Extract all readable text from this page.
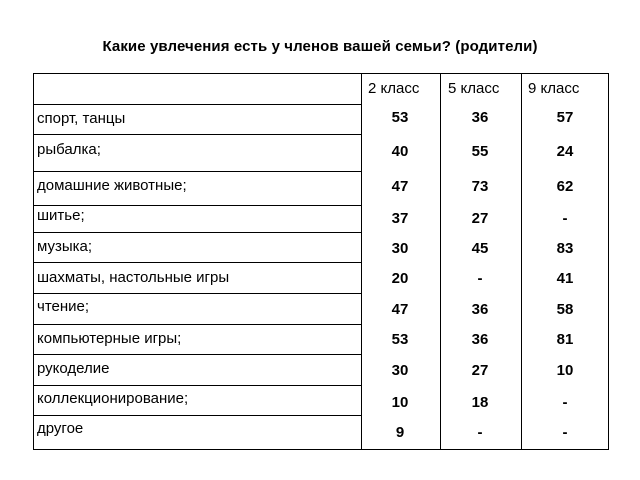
Какие увлечения есть у членов вашей семьи? (родители)
2 класс 5 класс 9 класс
спорт, танцы
рыбалка;
домашние животные;
шитье;
музыка;
шахматы, настольные игры
чтение;
компьютерные игры;
рукоделие
коллекционирование;
другое
53
40
47
37
30
20
47
53
30
10
9
36
55
73
27
45
-
36
36
27
18
-
57
24
62
-
83
41
58
81
10
-
-
